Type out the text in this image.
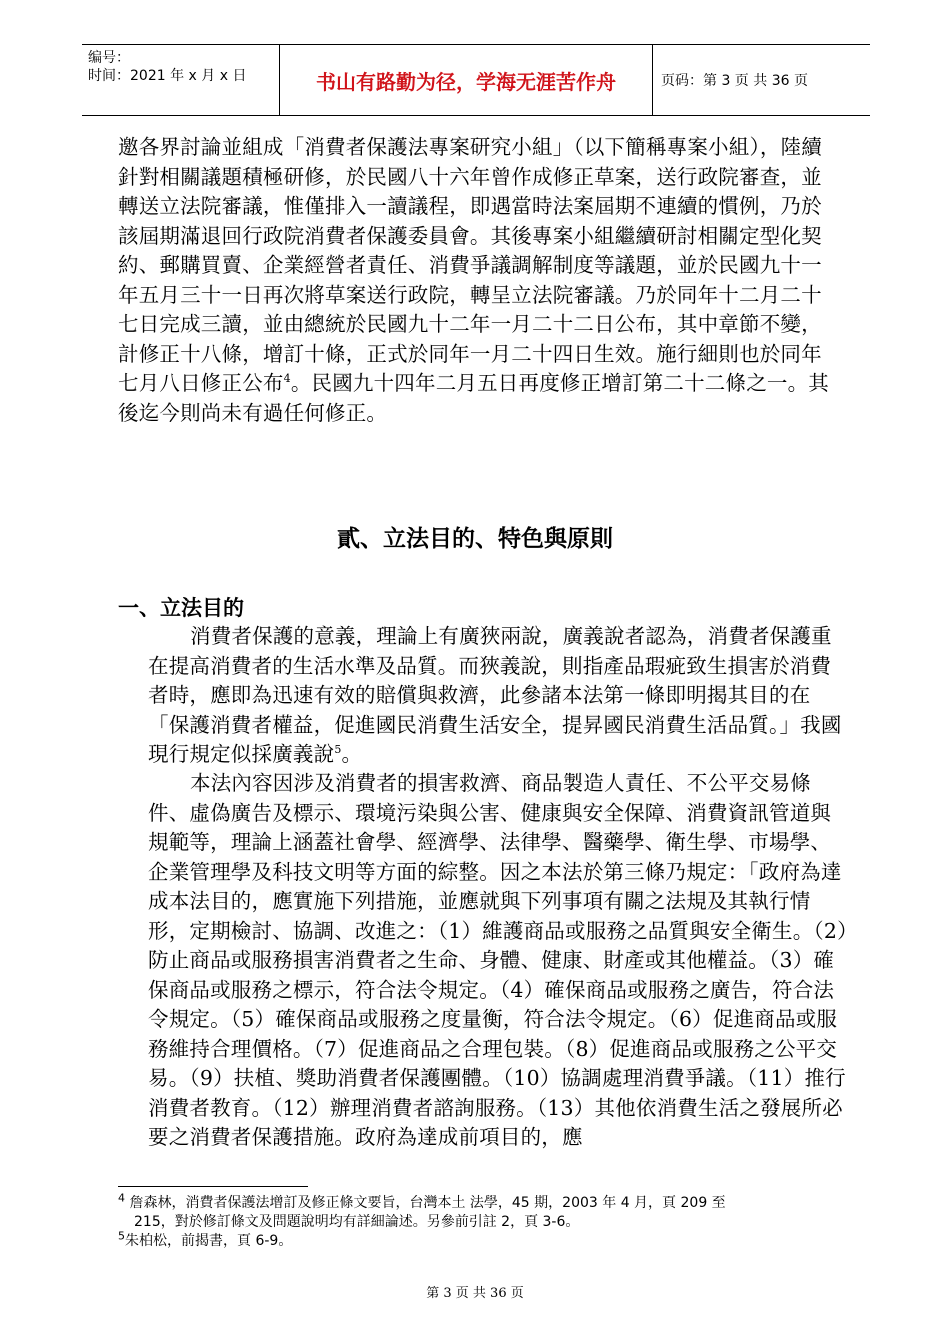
编号：
时间：2021 年 x 月 x 日	书山有路勤为径，学海无涯苦作舟	页码：第 3 页 共 36 页

邀各界討論並組成「消費者保護法專案研究小組」（以下簡稱專案小組），陸續針對相關議題積極研修，於民國八十六年曾作成修正草案，送行政院審查，並轉送立法院審議，惟僅排入一讀議程，即遇當時法案屆期不連續的慣例，乃於該屆期滿退回行政院消費者保護委員會。其後專案小組繼續研討相關定型化契約、郵購買賣、企業經營者責任、消費爭議調解制度等議題，並於民國九十一年五月三十一日再次將草案送行政院，轉呈立法院審議。乃於同年十二月二十七日完成三讀，並由總統於民國九十二年一月二十二日公布，其中章節不變，計修正十八條，增訂十條，正式於同年一月二十四日生效。施行細則也於同年七月八日修正公布$^4$。民國九十四年二月五日再度修正增訂第二十二條之一。其後迄今則尚未有過任何修正。

貳、立法目的、特色與原則
一、立法目的

消費者保護的意義，理論上有廣狹兩說，廣義說者認為，消費者保護重在提高消費者的生活水準及品質。而狹義說，則指產品瑕疵致生損害於消費者時，應即為迅速有效的賠償與救濟，此參諸本法第一條即明揭其目的在「保護消費者權益，促進國民消費生活安全，提昇國民消費生活品質。」我國現行規定似採廣義說$^5$。

本法內容因涉及消費者的損害救濟、商品製造人責任、不公平交易條件、虛偽廣告及標示、環境污染與公害、健康與安全保障、消費資訊管道與規範等，理論上涵蓋社會學、經濟學、法律學、醫藥學、衛生學、市場學、企業管理學及科技文明等方面的綜整。因之本法於第三條乃規定：「政府為達成本法目的，應實施下列措施，並應就與下列事項有關之法規及其執行情形，定期檢討、協調、改進之：（1）維護商品或服務之品質與安全衛生。（2）防止商品或服務損害消費者之生命、身體、健康、財產或其他權益。（3）確保商品或服務之標示，符合法令規定。（4）確保商品或服務之廣告，符合法令規定。（5）確保商品或服務之度量衡，符合法令規定。（6）促進商品或服務維持合理價格。（7）促進商品之合理包裝。（8）促進商品或服務之公平交易。（9）扶植、獎助消費者保護團體。（10）協調處理消費爭議。（11）推行消費者教育。（12）辦理消費者諮詢服務。（13）其他依消費生活之發展所必要之消費者保護措施。政府為達成前項目的，應

$^4$ 詹森林，消費者保護法增訂及修正條文要旨，台灣本土 法學，45 期，2003 年 4 月，頁 209 至
215，對於修訂條文及問題說明均有詳細論述。另參前引註 2，頁 3-6。

$^5$朱柏松，前揭書，頁 6-9。

第 3 页 共 36 页
